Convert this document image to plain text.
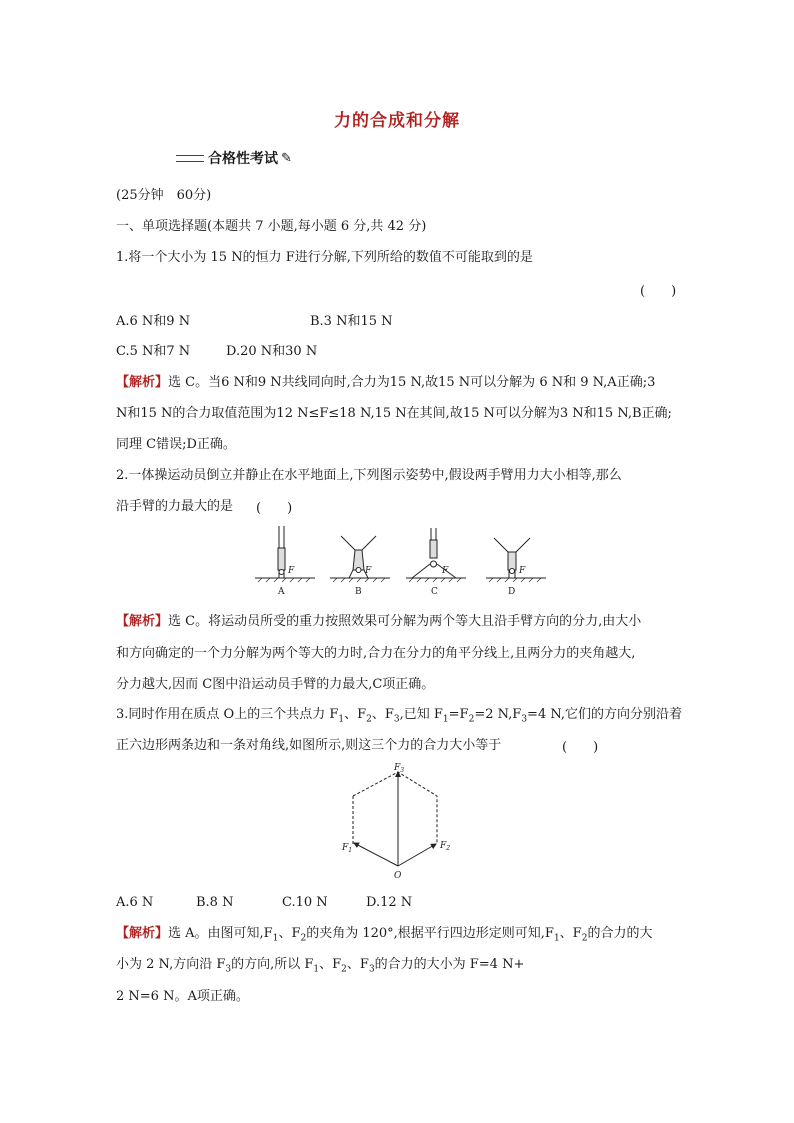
力的合成和分解
合格性考试 ✎
(25分钟　60分)
一、单项选择题(本题共 7 小题,每小题 6 分,共 42 分)
1.将一个大小为 15 N的恒力 F进行分解,下列所给的数值不可能取到的是
(　　)
A.6 N和9 N	B.3 N和15 N
C.5 N和7 N	D.20 N和30 N
【解析】选 C。当6 N和9 N共线同向时,合力为15 N,故15 N可以分解为 6 N和 9 N,A正确;3
N和15 N的合力取值范围为12 N≤F≤18 N,15 N在其间,故15 N可以分解为3 N和15 N,B正确;
同理 C错误;D正确。
2.一体操运动员倒立并静止在水平地面上,下列图示姿势中,假设两手臂用力大小相等,那么
沿手臂的力最大的是 (　　)
F	F	F	F
A	B	C	D
【解析】选 C。将运动员所受的重力按照效果可分解为两个等大且沿手臂方向的分力,由大小
和方向确定的一个力分解为两个等大的力时,合力在分力的角平分线上,且两分力的夹角越大,
分力越大,因而 C图中沿运动员手臂的力最大,C项正确。
3.同时作用在质点 O上的三个共点力 $F_1$、$F_2$、$F_3$,已知 $F_1=F_2=2$ $N,F_3=4$ N,它们的方向分别沿着
正六边形两条边和一条对角线,如图所示,则这三个力的合力大小等于	(　　)
$F_3$
$F_1$	$F_2$
O
A.6 N	B.8 N	C.10 N	D.12 N
【解析】选 A。由图可知$,F_1$、$F_2$的夹角为 120°,根据平行四边形定则可知$,F_1$、$F_2$的合力的大
小为 2 N,方向沿 $F_3$的方向,所以 $F_1$、$F_2$、$F_3$的合力的大小为 F=4 N+
2 N=6 N。A项正确。
